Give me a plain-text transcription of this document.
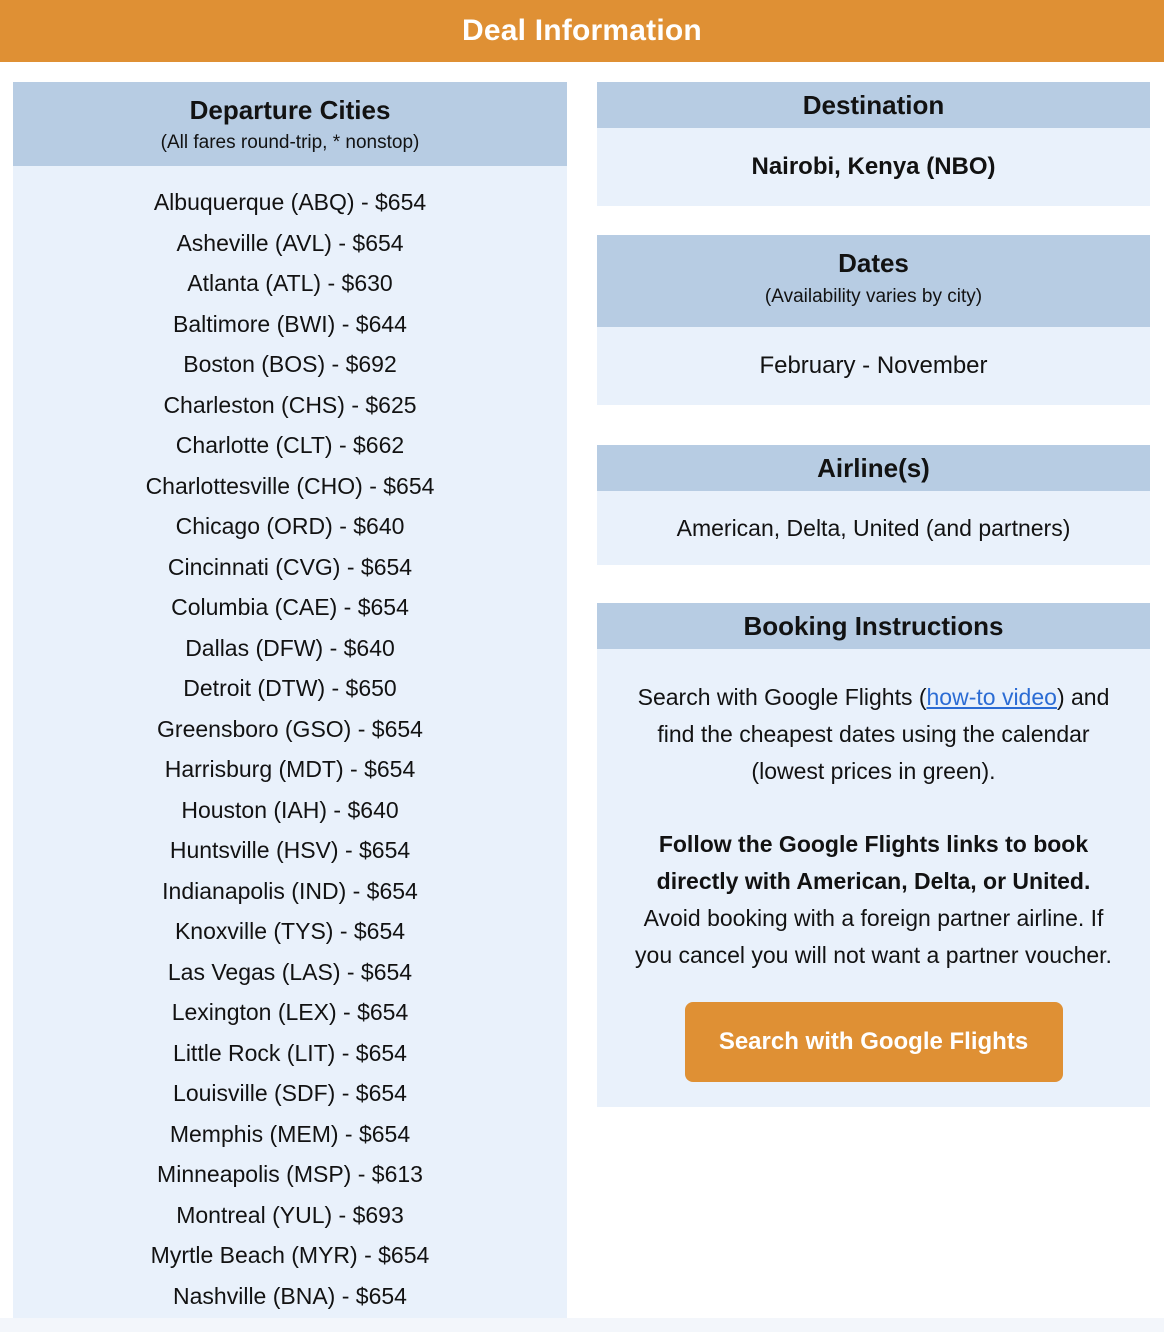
Deal Information
Departure Cities
(All fares round-trip, * nonstop)
Albuquerque (ABQ) - $654
Asheville (AVL) - $654
Atlanta (ATL) - $630
Baltimore (BWI) - $644
Boston (BOS) - $692
Charleston (CHS) - $625
Charlotte (CLT) - $662
Charlottesville (CHO) - $654
Chicago (ORD) - $640
Cincinnati (CVG) - $654
Columbia (CAE) - $654
Dallas (DFW) - $640
Detroit (DTW) - $650
Greensboro (GSO) - $654
Harrisburg (MDT) - $654
Houston (IAH) - $640
Huntsville (HSV) - $654
Indianapolis (IND) - $654
Knoxville (TYS) - $654
Las Vegas (LAS) - $654
Lexington (LEX) - $654
Little Rock (LIT) - $654
Louisville (SDF) - $654
Memphis (MEM) - $654
Minneapolis (MSP) - $613
Montreal (YUL) - $693
Myrtle Beach (MYR) - $654
Nashville (BNA) - $654
Destination
Nairobi, Kenya (NBO)
Dates
(Availability varies by city)
February - November
Airline(s)
American, Delta, United (and partners)
Booking Instructions

Search with Google Flights (how-to video) and find the cheapest dates using the calendar (lowest prices in green).

Follow the Google Flights links to book directly with American, Delta, or United. Avoid booking with a foreign partner airline. If you cancel you will not want a partner voucher.

Search with Google Flights
